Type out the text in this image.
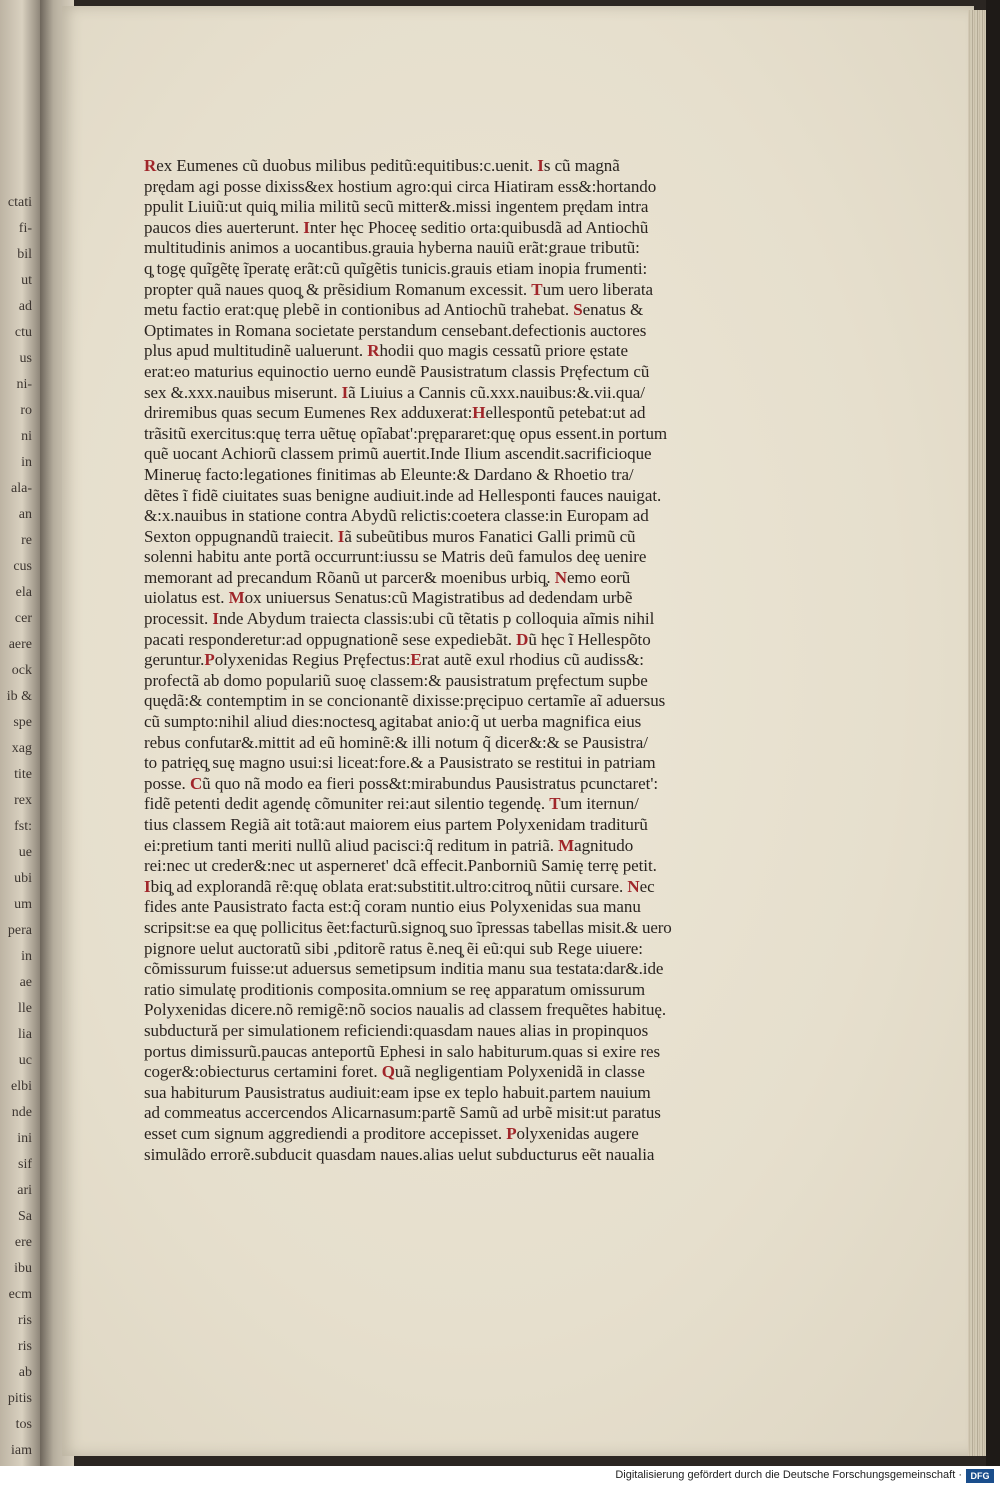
ctati
fi-
bil
ut
ad
ctu
us
ni-
ro
ni
in
ala-
an
re
cus
ela
cer
aere
ock
ib &
spe
xag
tite
rex
fst:
ue
ubi
um
pera
in
ae
lle
lia
uc
elbi
nde
ini
sif
ari
Sa
ere
ibu
ecm
ris
ris
ab
pitis
tos
iam
Rex Eumenes cũ duobus milibus peditũ:equitibus:c.uenit. Is cũ magnã
prędam agi posse dixiss&ex hostium agro:qui circa Hiatiram ess&:hortando
ppulit Liuiũ:ut quiq̧ milia militũ secũ mitter&.missi ingentem prędam intra
paucos dies auerterunt. Inter hęc Phoceę seditio orta:quibusdã ad Antiochũ
multitudinis animos a uocantibus.grauia hyberna nauiũ erãt:graue tributũ:
q̧ togę quĩgẽtę ĩperatę erãt:cũ quĩgẽtis tunicis.grauis etiam inopia frumenti:
propter quã naues quoq̧ & prẽsidium Romanum excessit. Tum uero liberata
metu factio erat:quę plebẽ in contionibus ad Antiochũ trahebat. Senatus &
Optimates in Romana societate perstandum censebant.defectionis auctores
plus apud multitudinẽ ualuerunt. Rhodii quo magis cessatũ priore ęstate
erat:eo maturius equinoctio uerno eundẽ Pausistratum classis Pręfectum cũ
sex &.xxx.nauibus miserunt. Iã Liuius a Cannis cũ.xxx.nauibus:&.vii.qua/
driremibus quas secum Eumenes Rex adduxerat:Hellespontũ petebat:ut ad
trãsitũ exercitus:quę terra uẽtuę opĩabat':prępararet:quę opus essent.in portum
quẽ uocant Achiorũ classem primũ auertit.Inde Ilium ascendit.sacrificioque
Mineruę facto:legationes finitimas ab Eleunte:& Dardano & Rhoetio tra/
dẽtes ĩ fidẽ ciuitates suas benigne audiuit.inde ad Hellesponti fauces nauigat.
&:x.nauibus in statione contra Abydũ relictis:coetera classe:in Europam ad
Sexton oppugnandũ traiecit. Iã subeũtibus muros Fanatici Galli primũ cũ
solenni habitu ante portã occurrunt:iussu se Matris deũ famulos deę uenire
memorant ad precandum Rõanũ ut parcer& moenibus urbiq̧. Nemo eorũ
uiolatus est. Mox uniuersus Senatus:cũ Magistratibus ad dedendam urbẽ
processit. Inde Abydum traiecta classis:ubi cũ tẽtatis p colloquia aĩmis nihil
pacati responderetur:ad oppugnationẽ sese expediebãt. Dũ hęc ĩ Hellespõto
geruntur.Polyxenidas Regius Pręfectus:Erat autẽ exul rhodius cũ audiss&:
profectã ab domo populariũ suoę classem:& pausistratum pręfectum supbe
quędã:& contemptim in se concionantẽ dixisse:pręcipuo certamĩe aĩ aduersus
cũ sumpto:nihil aliud dies:noctesq̧ agitabat anio:q̃ ut uerba magnifica eius
rebus confutar&.mittit ad eũ hominẽ:& illi notum q̃ dicer&:& se Pausistra/
to patrięq̧ suę magno usui:si liceat:fore.& a Pausistrato se restitui in patriam
posse. Cũ quo nã modo ea fieri poss&t:mirabundus Pausistratus pcunctaret':
fidẽ petenti dedit agendę cõmuniter rei:aut silentio tegendę. Tum iternun/
tius classem Regiã ait totã:aut maiorem eius partem Polyxenidam traditurũ
ei:pretium tanti meriti nullũ aliud pacisci:q̃ reditum in patriã. Magnitudo
rei:nec ut creder&:nec ut asperneret' dcã effecit.Panborniũ Samię terrę petit.
Ibiq̧ ad explorandã rẽ:quę oblata erat:substitit.ultro:citroq̧ nũtii cursare. Nec
fides ante Pausistrato facta est:q̃ coram nuntio eius Polyxenidas sua manu
scripsit:se ea quę pollicitus ẽet:facturũ.signoq̧ suo ĩpressas tabellas misit.& uero
pignore uelut auctoratũ sibi ,pditorẽ ratus ẽ.neq̧ ẽi eũ:qui sub Rege uiuere:
cõmissurum fuisse:ut aduersus semetipsum inditia manu sua testata:dar&.ide
ratio simulatę proditionis composita.omnium se reę apparatum omissurum
Polyxenidas dicere.nõ remigẽ:nõ socios naualis ad classem frequẽtes habituę.
subductură per simulationem reficiendi:quasdam naues alias in propinquos
portus dimissurũ.paucas anteportũ Ephesi in salo habiturum.quas si exire res
coger&:obiecturus certamini foret. Quã negligentiam Polyxenidã in classe
sua habiturum Pausistratus audiuit:eam ipse ex teplo habuit.partem nauium
ad commeatus accercendos Alicarnasum:partẽ Samũ ad urbẽ misit:ut paratus
esset cum signum aggrediendi a proditore accepisset. Polyxenidas augere
simulãdo errorẽ.subducit quasdam naues.alias uelut subducturus eẽt naualia
Digitalisierung gefördert durch die Deutsche Forschungsgemeinschaft · DFG
